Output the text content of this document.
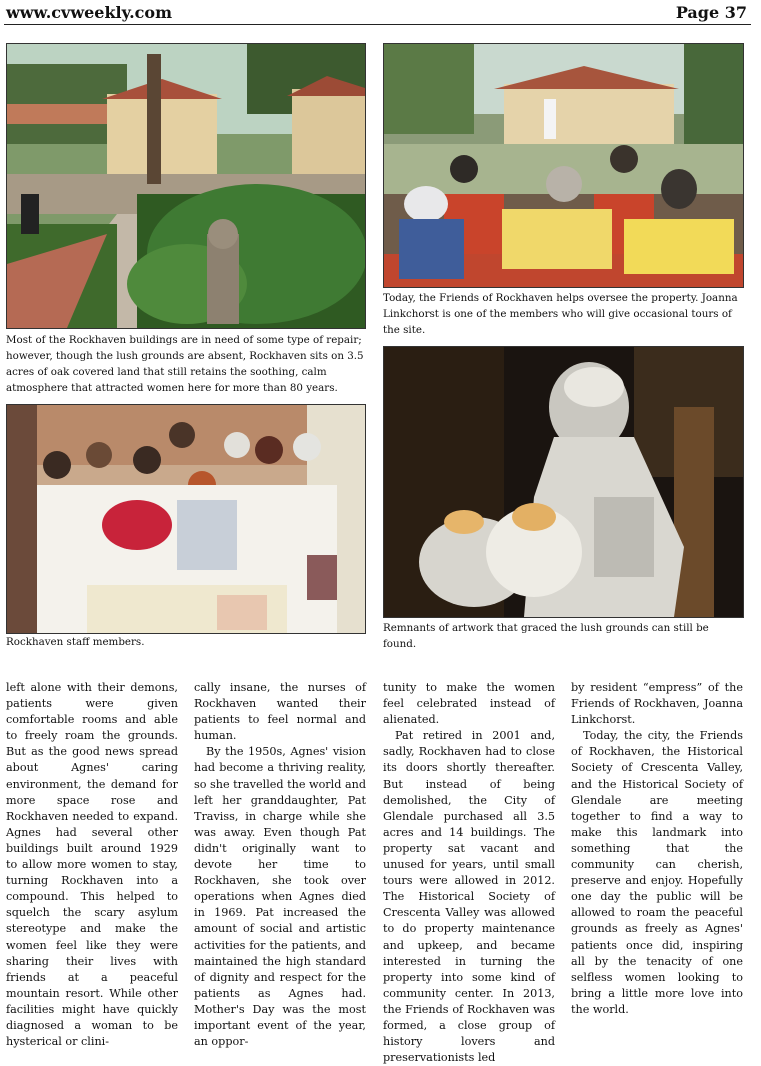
www.cvweekly.com	Page 37
Most of the Rockhaven buildings are in need of some type of repair; however, though the lush grounds are absent, Rockhaven sits on 3.5 acres of oak covered land that still retains the soothing, calm atmosphere that attracted women here for more than 80 years.
Today, the Friends of Rockhaven helps oversee the property. Joanna Linkchorst is one of the members who will give occasional tours of the site.
Rockhaven staff members.
Remnants of artwork that graced the lush grounds can still be found.

left alone with their demons, patients were given comfortable rooms and able to freely roam the grounds. But as the good news spread about Agnes' caring environment, the demand for more space rose and Rockhaven needed to expand. Agnes had several other buildings built around 1929 to allow more women to stay, turning Rockhaven into a compound. This helped to squelch the scary asylum stereotype and make the women feel like they were sharing their lives with friends at a peaceful mountain resort. While other facilities might have quickly diagnosed a woman to be hysterical or clini-

cally insane, the nurses of Rockhaven wanted their patients to feel normal and human.

By the 1950s, Agnes' vision had become a thriving reality, so she travelled the world and left her granddaughter, Pat Traviss, in charge while she was away. Even though Pat didn't originally want to devote her time to Rockhaven, she took over operations when Agnes died in 1969. Pat increased the amount of social and artistic activities for the patients, and maintained the high standard of dignity and respect for the patients as Agnes had. Mother's Day was the most important event of the year, an oppor-

tunity to make the women feel celebrated instead of alienated.

Pat retired in 2001 and, sadly, Rockhaven had to close its doors shortly thereafter. But instead of being demolished, the City of Glendale purchased all 3.5 acres and 14 buildings. The property sat vacant and unused for years, until small tours were allowed in 2012. The Historical Society of Crescenta Valley was allowed to do property maintenance and upkeep, and became interested in turning the property into some kind of community center. In 2013, the Friends of Rockhaven was formed, a close group of history lovers and preservationists led

by resident “empress” of the Friends of Rockhaven, Joanna Linkchorst.

Today, the city, the Friends of Rockhaven, the Historical Society of Crescenta Valley, and the Historical Society of Glendale are meeting together to find a way to make this landmark into something that the community can cherish, preserve and enjoy. Hopefully one day the public will be allowed to roam the peaceful grounds as freely as Agnes' patients once did, inspiring all by the tenacity of one selfless women looking to bring a little more love into the world.
